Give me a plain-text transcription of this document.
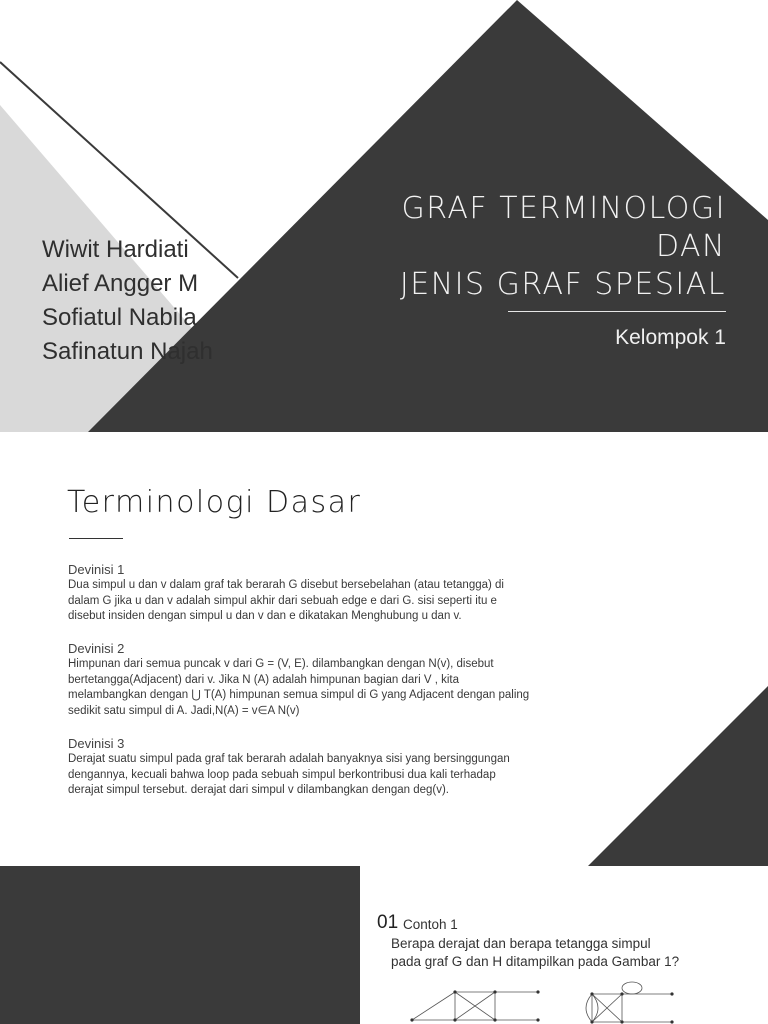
Wiwit Hardiati
Alief Angger M
Sofiatul Nabila
Safinatun Najah
GRAF TERMINOLOGI
DAN
JENIS GRAF SPESIAL
Kelompok 1
Terminologi Dasar
Devinisi 1
Dua simpul u dan v dalam graf tak berarah G disebut bersebelahan (atau tetangga) di
dalam G jika u dan v adalah simpul akhir dari sebuah edge e dari G. sisi seperti itu e
disebut insiden dengan simpul u dan v dan e dikatakan Menghubung u dan v.
Devinisi 2
Himpunan dari semua puncak v dari G = (V, E). dilambangkan dengan N(v), disebut
bertetangga(Adjacent) dari v. Jika N (A) adalah himpunan bagian dari V , kita
melambangkan dengan ⋃ T(A) himpunan semua simpul di G yang Adjacent dengan paling
sedikit satu simpul di A. Jadi,N(A) = v∈A N(v)
Devinisi 3
Derajat suatu simpul pada graf tak berarah adalah banyaknya sisi yang bersinggungan
dengannya, kecuali bahwa loop pada sebuah simpul berkontribusi dua kali terhadap
derajat simpul tersebut. derajat dari simpul v dilambangkan dengan deg(v).
01 Contoh 1
Berapa derajat dan berapa tetangga simpul
pada graf G dan H ditampilkan pada Gambar 1?
